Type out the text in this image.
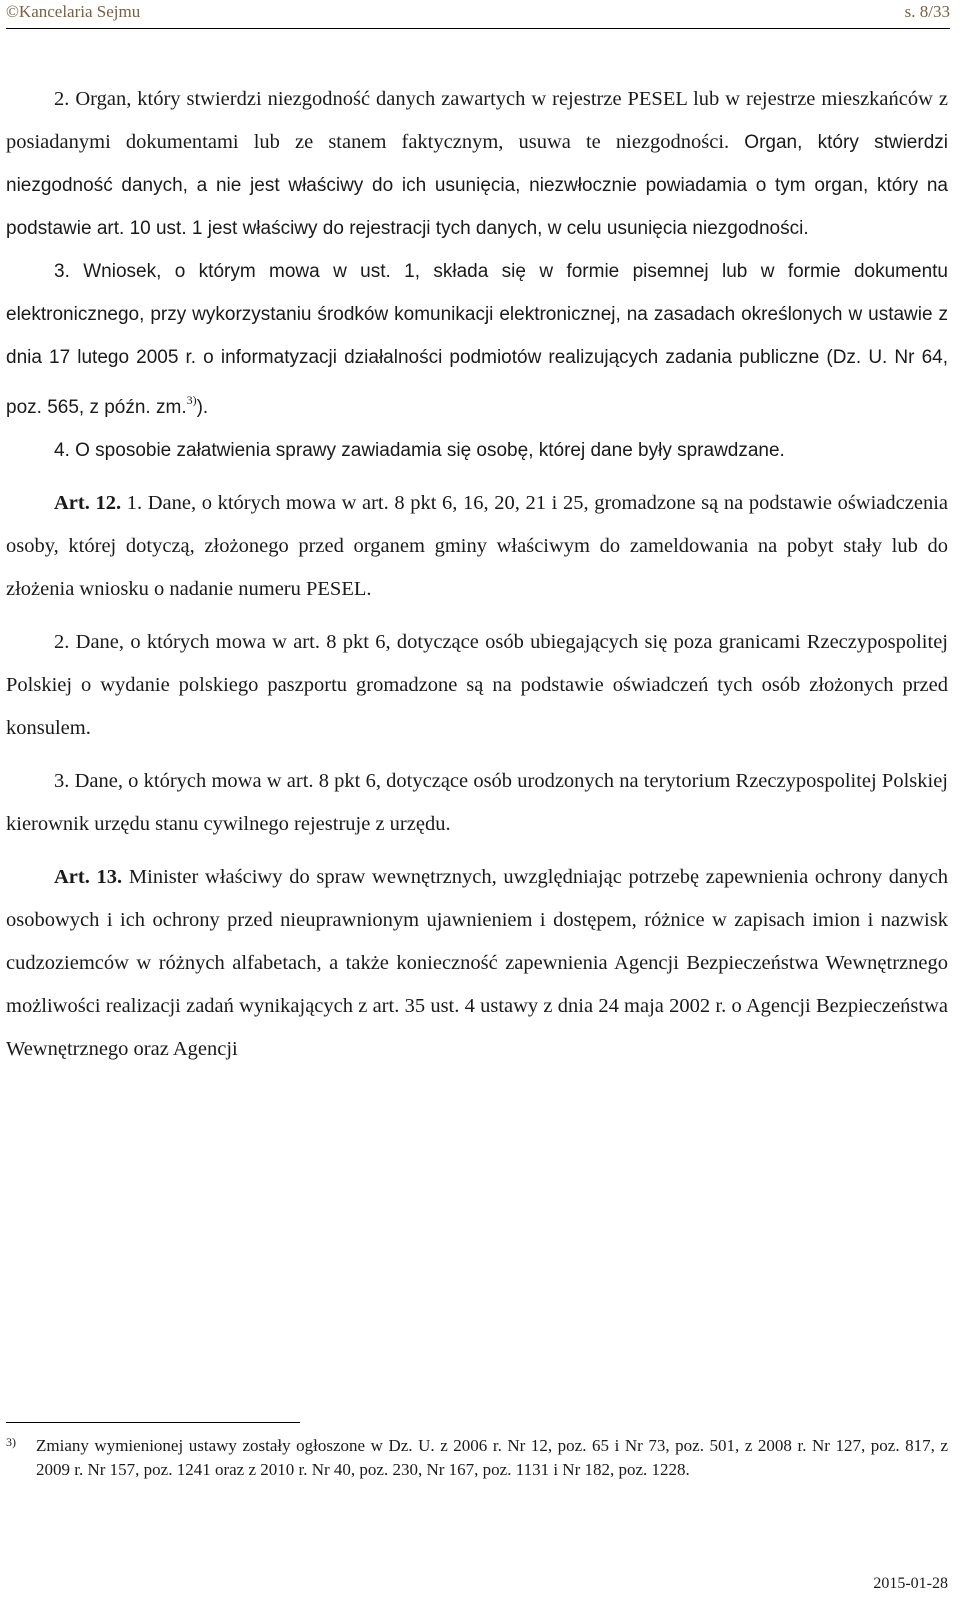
©Kancelaria Sejmu	s. 8/33

2. Organ, który stwierdzi niezgodność danych zawartych w rejestrze PESEL lub w rejestrze mieszkańców z posiadanymi dokumentami lub ze stanem faktycznym, usuwa te niezgodności. Organ, który stwierdzi niezgodność danych, a nie jest właściwy do ich usunięcia, niezwłocznie powiadamia o tym organ, który na podstawie art. 10 ust. 1 jest właściwy do rejestracji tych danych, w celu usunięcia niezgodności.

3. Wniosek, o którym mowa w ust. 1, składa się w formie pisemnej lub w formie dokumentu elektronicznego, przy wykorzystaniu środków komunikacji elektronicznej, na zasadach określonych w ustawie z dnia 17 lutego 2005 r. o informatyzacji działalności podmiotów realizujących zadania publiczne (Dz. U. Nr 64, poz. 565, z późn. zm.$^{3)}$).

4. O sposobie załatwienia sprawy zawiadamia się osobę, której dane były sprawdzane.

Art. 12. 1. Dane, o których mowa w art. 8 pkt 6, 16, 20, 21 i 25, gromadzone są na podstawie oświadczenia osoby, której dotyczą, złożonego przed organem gminy właściwym do zameldowania na pobyt stały lub do złożenia wniosku o nadanie numeru PESEL.

2. Dane, o których mowa w art. 8 pkt 6, dotyczące osób ubiegających się poza granicami Rzeczypospolitej Polskiej o wydanie polskiego paszportu gromadzone są na podstawie oświadczeń tych osób złożonych przed konsulem.

3. Dane, o których mowa w art. 8 pkt 6, dotyczące osób urodzonych na terytorium Rzeczypospolitej Polskiej kierownik urzędu stanu cywilnego rejestruje z urzędu.

Art. 13. Minister właściwy do spraw wewnętrznych, uwzględniając potrzebę zapewnienia ochrony danych osobowych i ich ochrony przed nieuprawnionym ujawnieniem i dostępem, różnice w zapisach imion i nazwisk cudzoziemców w różnych alfabetach, a także konieczność zapewnienia Agencji Bezpieczeństwa Wewnętrznego możliwości realizacji zadań wynikających z art. 35 ust. 4 ustawy z dnia 24 maja 2002 r. o Agencji Bezpieczeństwa Wewnętrznego oraz Agencji

3)	Zmiany wymienionej ustawy zostały ogłoszone w Dz. U. z 2006 r. Nr 12, poz. 65 i Nr 73, poz. 501, z 2008 r. Nr 127, poz. 817, z 2009 r. Nr 157, poz. 1241 oraz z 2010 r. Nr 40, poz. 230, Nr 167, poz. 1131 i Nr 182, poz. 1228.
2015-01-28
